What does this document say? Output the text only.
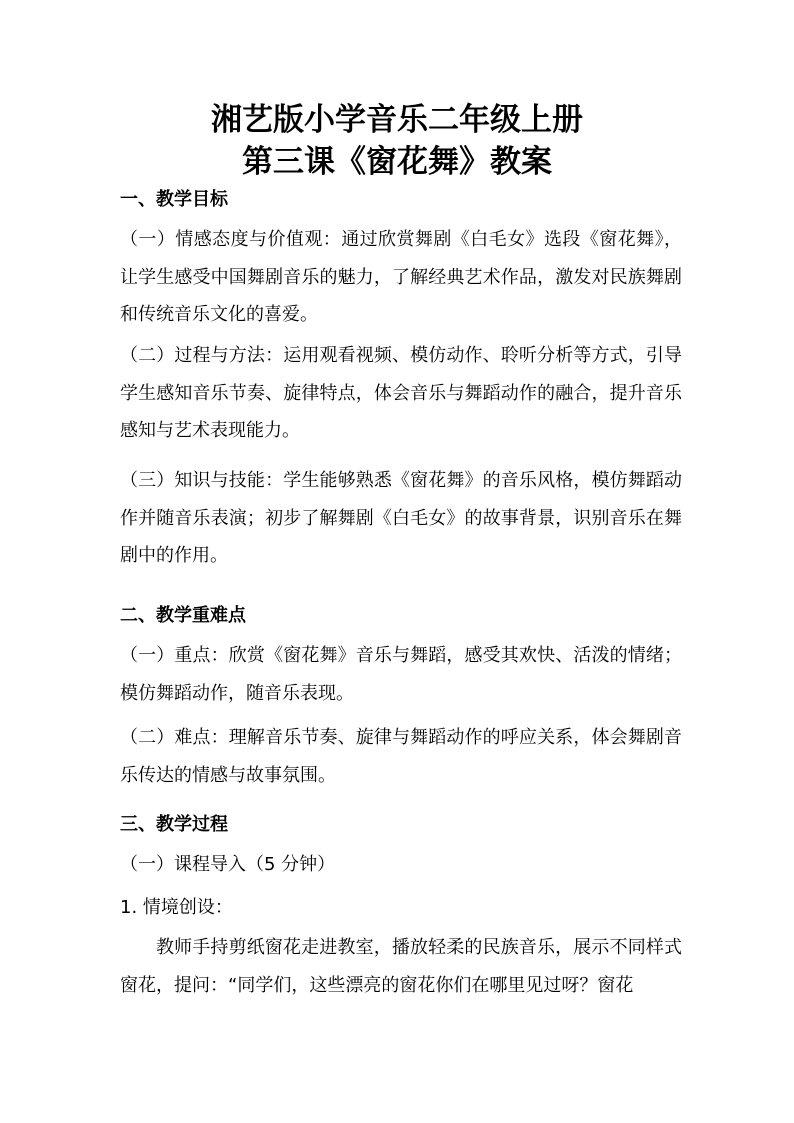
湘艺版小学音乐二年级上册
第三课《窗花舞》教案
一、教学目标

（一）情感态度与价值观：通过欣赏舞剧《白毛女》选段《窗花舞》，让学生感受中国舞剧音乐的魅力，了解经典艺术作品，激发对民族舞剧和传统音乐文化的喜爱。

（二）过程与方法：运用观看视频、模仿动作、聆听分析等方式，引导学生感知音乐节奏、旋律特点，体会音乐与舞蹈动作的融合，提升音乐感知与艺术表现能力。

（三）知识与技能：学生能够熟悉《窗花舞》的音乐风格，模仿舞蹈动作并随音乐表演；初步了解舞剧《白毛女》的故事背景，识别音乐在舞剧中的作用。

二、教学重难点

（一）重点：欣赏《窗花舞》音乐与舞蹈，感受其欢快、活泼的情绪；模仿舞蹈动作，随音乐表现。

（二）难点：理解音乐节奏、旋律与舞蹈动作的呼应关系，体会舞剧音乐传达的情感与故事氛围。

三、教学过程

（一）课程导入（5 分钟）

1. 情境创设：

教师手持剪纸窗花走进教室，播放轻柔的民族音乐，展示不同样式窗花，提问：“同学们，这些漂亮的窗花你们在哪里见过呀？窗花
